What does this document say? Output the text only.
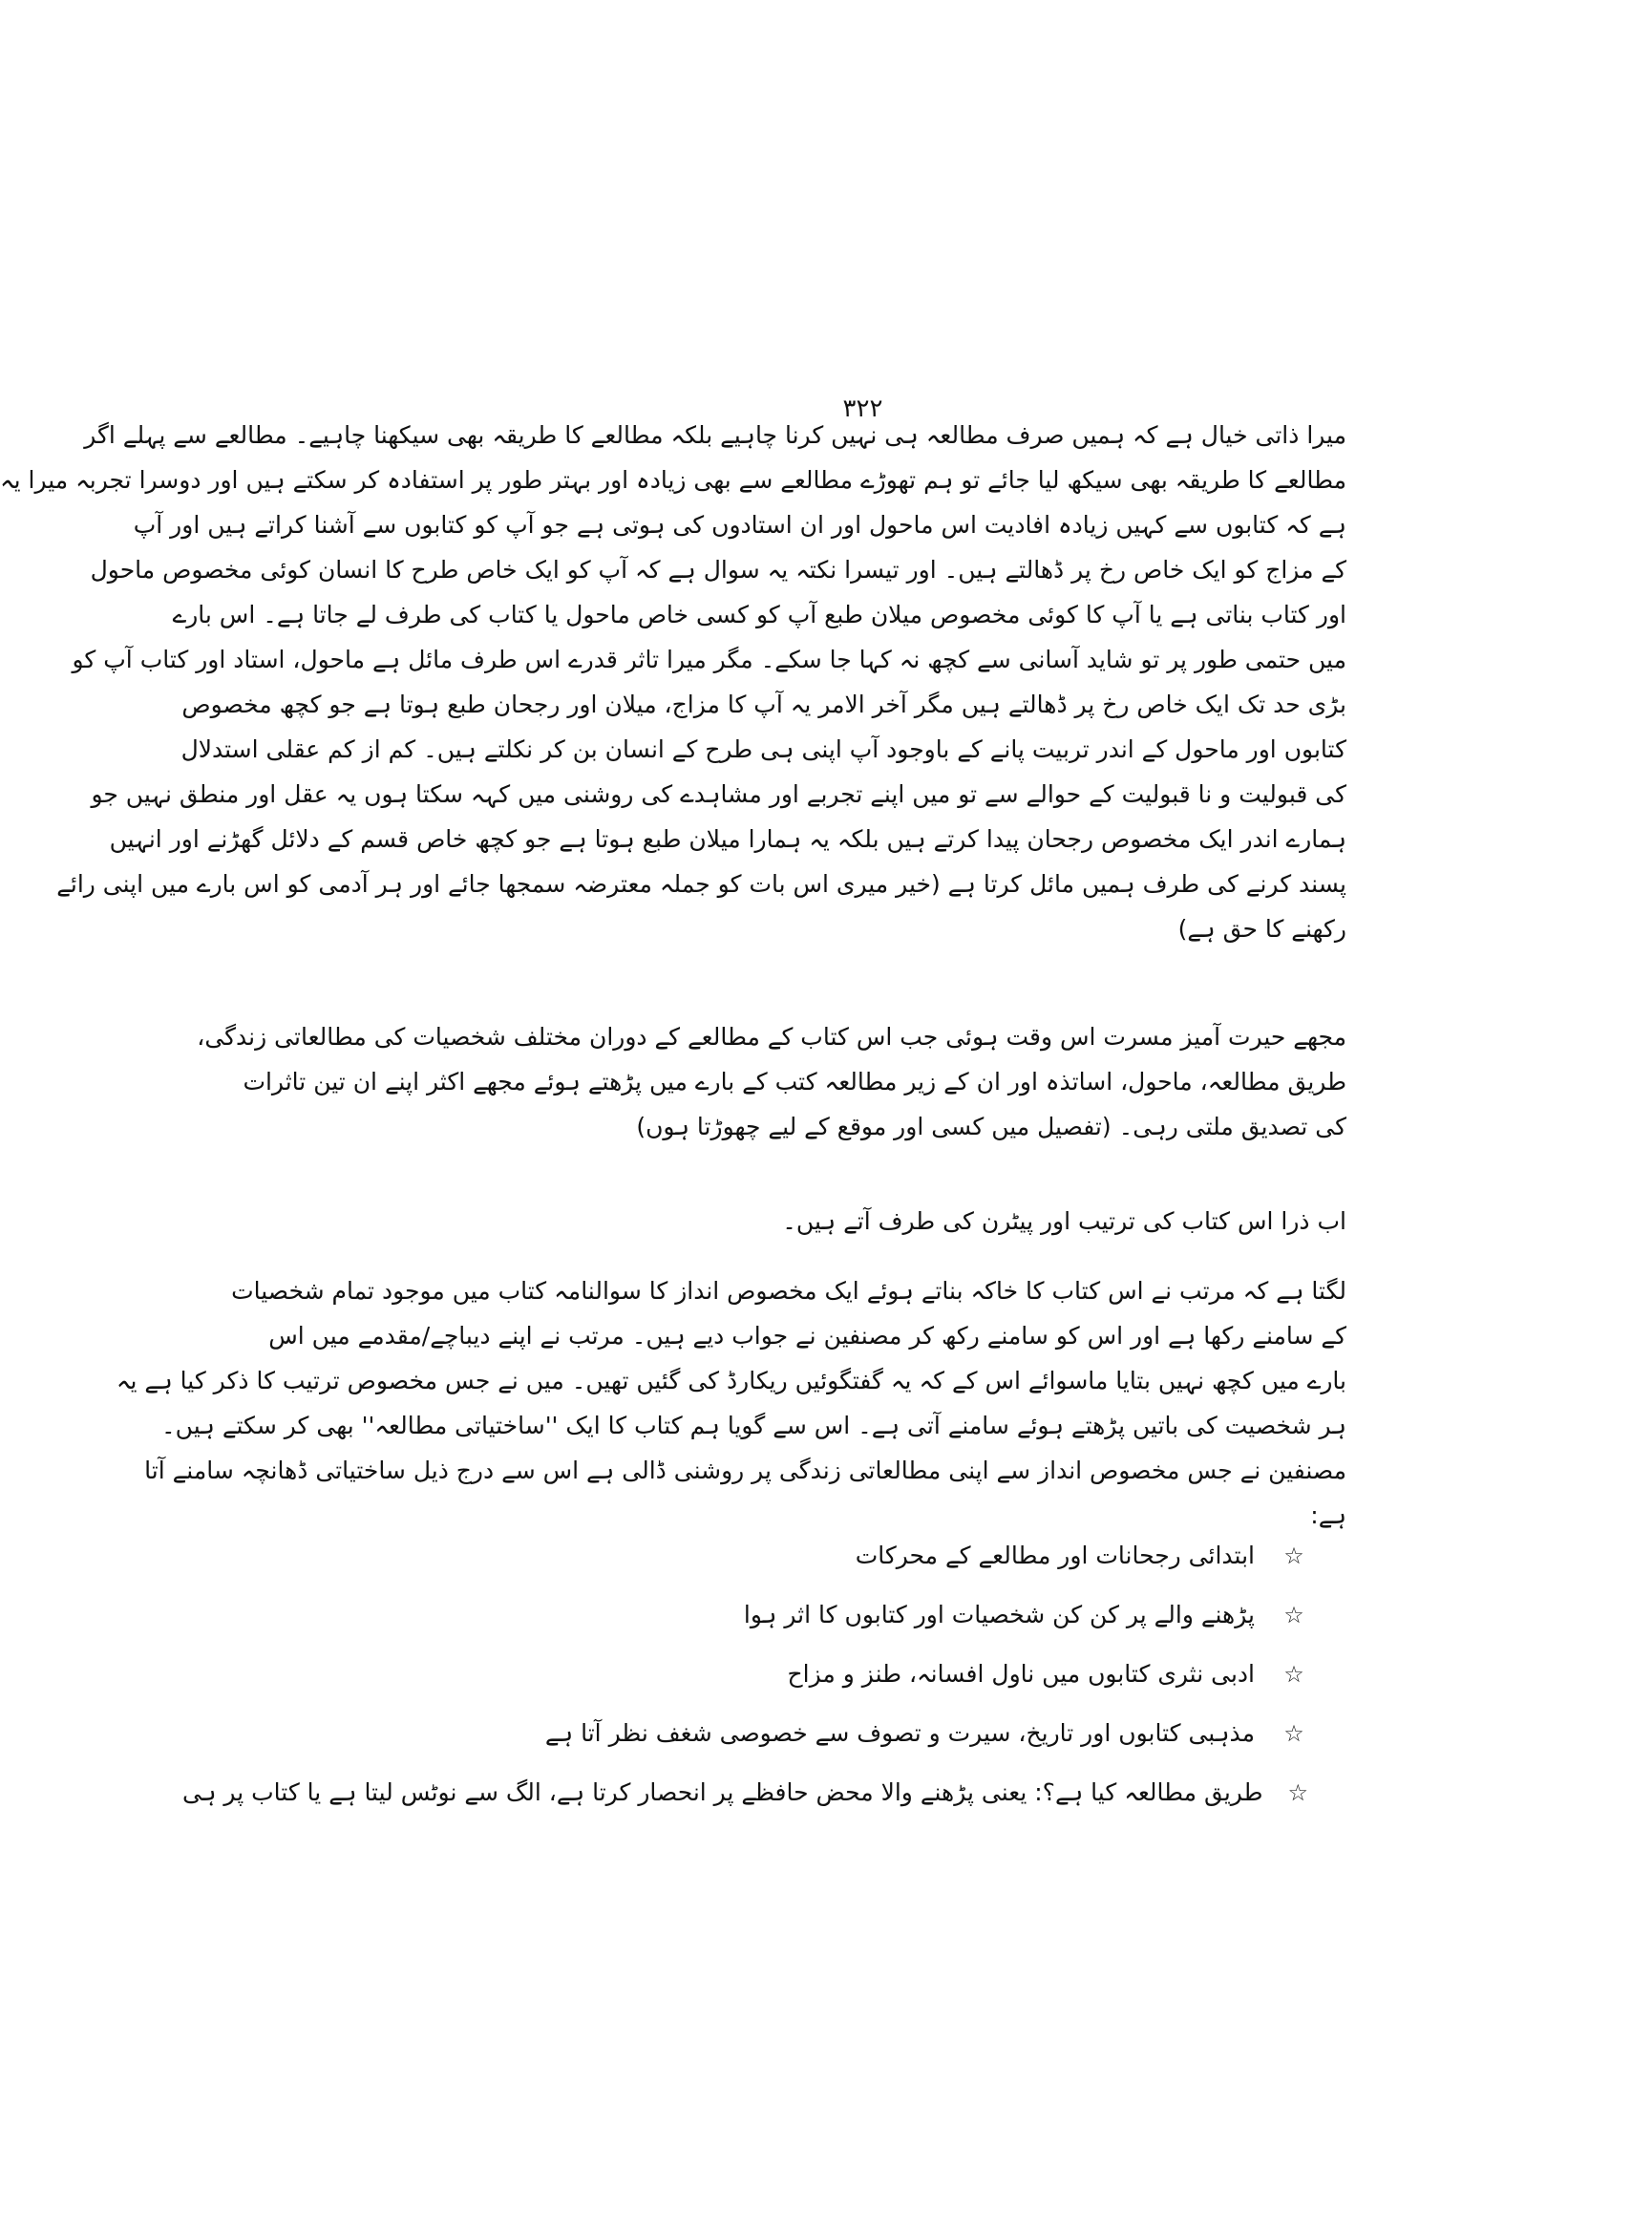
۳۲۲
میرا ذاتی خیال ہے کہ ہمیں صرف مطالعہ ہی نہیں کرنا چاہیے بلکہ مطالعے کا طریقہ بھی سیکھنا چاہیے۔ مطالعے سے پہلے اگر
مطالعے کا طریقہ بھی سیکھ لیا جائے تو ہم تھوڑے مطالعے سے بھی زیادہ اور بہتر طور پر استفادہ کر سکتے ہیں اور دوسرا تجربہ میرا یہ
ہے کہ کتابوں سے کہیں زیادہ افادیت اس ماحول اور ان استادوں کی ہوتی ہے جو آپ کو کتابوں سے آشنا کراتے ہیں اور آپ
کے مزاج کو ایک خاص رخ پر ڈھالتے ہیں۔ اور تیسرا نکتہ یہ سوال ہے کہ آپ کو ایک خاص طرح کا انسان کوئی مخصوص ماحول
اور کتاب بناتی ہے یا آپ کا کوئی مخصوص میلان طبع آپ کو کسی خاص ماحول یا کتاب کی طرف لے جاتا ہے۔ اس بارے
میں حتمی طور پر تو شاید آسانی سے کچھ نہ کہا جا سکے۔ مگر میرا تاثر قدرے اس طرف مائل ہے ماحول، استاد اور کتاب آپ کو
بڑی حد تک ایک خاص رخ پر ڈھالتے ہیں مگر آخر الامر یہ آپ کا مزاج، میلان اور رجحان طبع ہوتا ہے جو کچھ مخصوص
کتابوں اور ماحول کے اندر تربیت پانے کے باوجود آپ اپنی ہی طرح کے انسان بن کر نکلتے ہیں۔ کم از کم عقلی استدلال
کی قبولیت و نا قبولیت کے حوالے سے تو میں اپنے تجربے اور مشاہدے کی روشنی میں کہہ سکتا ہوں یہ عقل اور منطق نہیں جو
ہمارے اندر ایک مخصوص رجحان پیدا کرتے ہیں بلکہ یہ ہمارا میلان طبع ہوتا ہے جو کچھ خاص قسم کے دلائل گھڑنے اور انہیں
پسند کرنے کی طرف ہمیں مائل کرتا ہے (خیر میری اس بات کو جملہ معترضہ سمجھا جائے اور ہر آدمی کو اس بارے میں اپنی رائے
رکھنے کا حق ہے)
مجھے حیرت آمیز مسرت اس وقت ہوئی جب اس کتاب کے مطالعے کے دوران مختلف شخصیات کی مطالعاتی زندگی،
طریق مطالعہ، ماحول، اساتذہ اور ان کے زیر مطالعہ کتب کے بارے میں پڑھتے ہوئے مجھے اکثر اپنے ان تین تاثرات
کی تصدیق ملتی رہی۔ (تفصیل میں کسی اور موقع کے لیے چھوڑتا ہوں)
اب ذرا اس کتاب کی ترتیب اور پیٹرن کی طرف آتے ہیں۔
لگتا ہے کہ مرتب نے اس کتاب کا خاکہ بناتے ہوئے ایک مخصوص انداز کا سوالنامہ کتاب میں موجود تمام شخصیات
کے سامنے رکھا ہے اور اس کو سامنے رکھ کر مصنفین نے جواب دیے ہیں۔ مرتب نے اپنے دیباچے/مقدمے میں اس
بارے میں کچھ نہیں بتایا ماسوائے اس کے کہ یہ گفتگوئیں ریکارڈ کی گئیں تھیں۔ میں نے جس مخصوص ترتیب کا ذکر کیا ہے یہ
ہر شخصیت کی باتیں پڑھتے ہوئے سامنے آتی ہے۔ اس سے گویا ہم کتاب کا ایک ''ساختیاتی مطالعہ'' بھی کر سکتے ہیں۔
مصنفین نے جس مخصوص انداز سے اپنی مطالعاتی زندگی پر روشنی ڈالی ہے اس سے درج ذیل ساختیاتی ڈھانچہ سامنے آتا
ہے:
☆
ابتدائی رجحانات اور مطالعے کے محرکات
☆
پڑھنے والے پر کن کن شخصیات اور کتابوں کا اثر ہوا
☆
ادبی نثری کتابوں میں ناول افسانہ، طنز و مزاح
☆
مذہبی کتابوں اور تاریخ، سیرت و تصوف سے خصوصی شغف نظر آتا ہے
☆
طریق مطالعہ کیا ہے؟: یعنی پڑھنے والا محض حافظے پر انحصار کرتا ہے، الگ سے نوٹس لیتا ہے یا کتاب پر ہی
